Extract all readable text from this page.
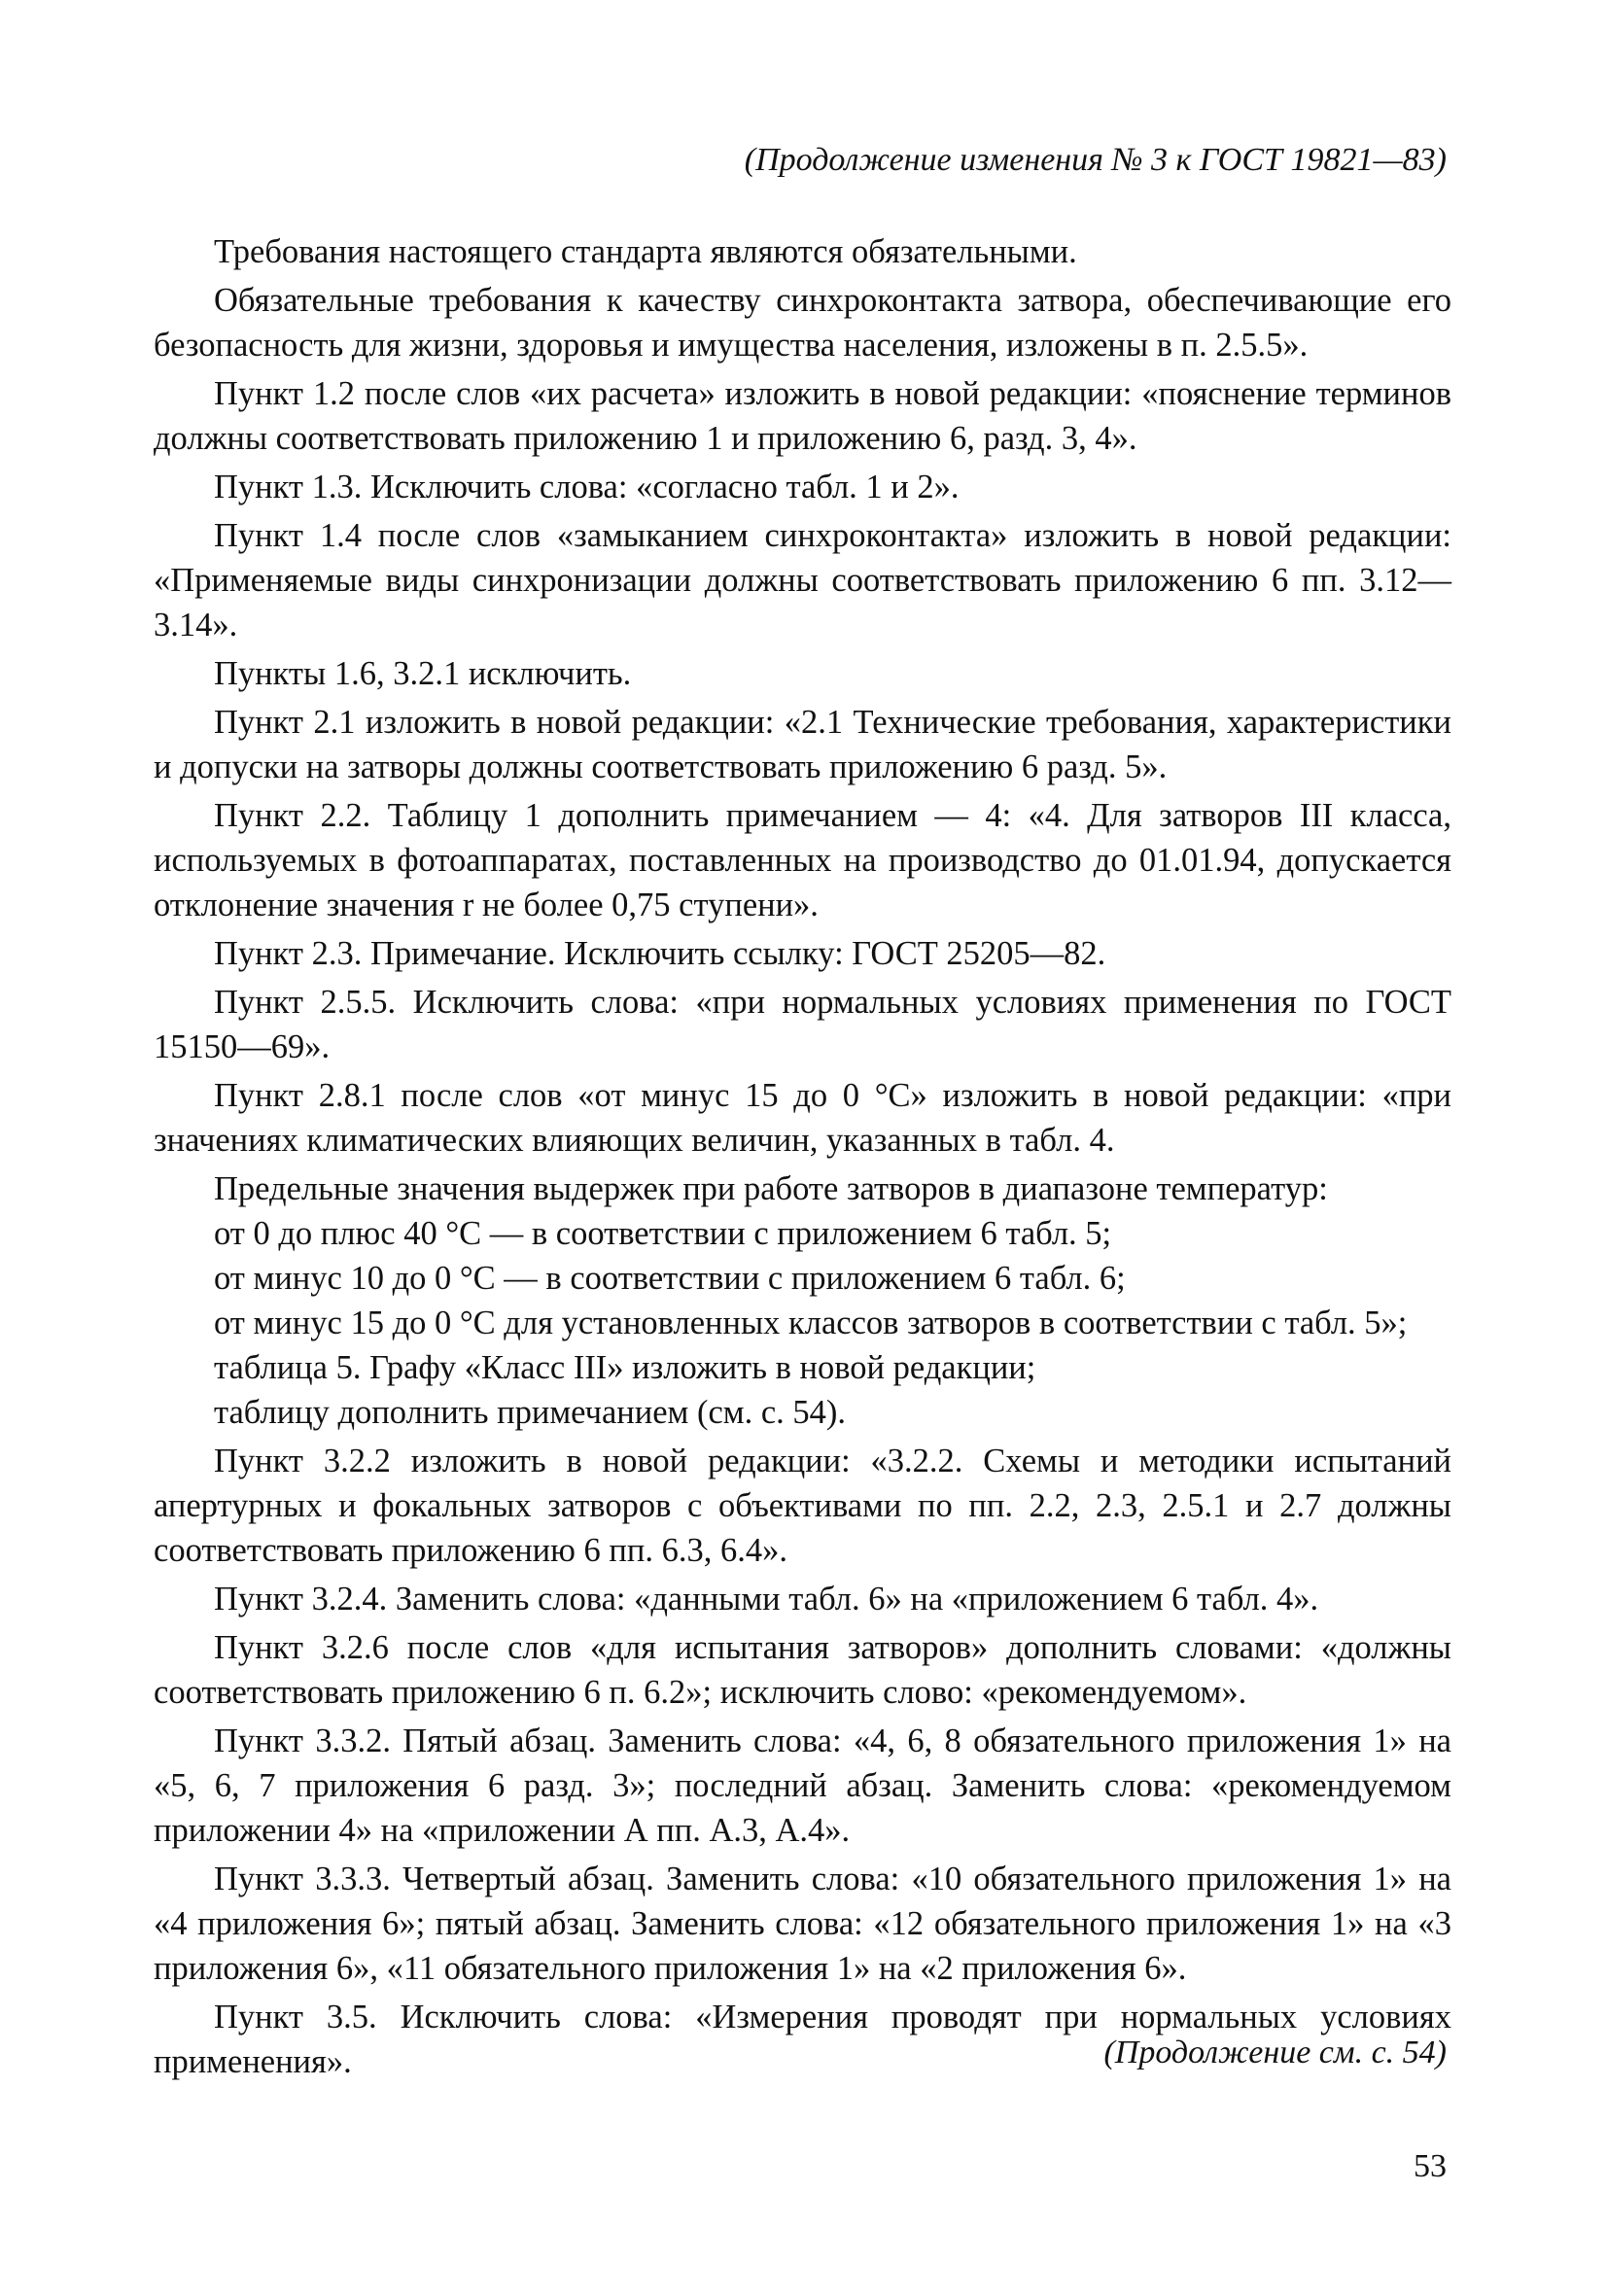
(Продолжение изменения № 3 к ГОСТ 19821—83)

Требования настоящего стандарта являются обязательными.

Обязательные требования к качеству синхроконтакта затвора, обеспечивающие его безопасность для жизни, здоровья и имущества населения, изложены в п. 2.5.5».

Пункт 1.2 после слов «их расчета» изложить в новой редакции: «пояснение терминов должны соответствовать приложению 1 и приложению 6, разд. 3, 4».

Пункт 1.3. Исключить слова: «согласно табл. 1 и 2».

Пункт 1.4 после слов «замыканием синхроконтакта» изложить в новой редакции: «Применяемые виды синхронизации должны соответствовать приложению 6 пп. 3.12—3.14».

Пункты 1.6, 3.2.1 исключить.

Пункт 2.1 изложить в новой редакции: «2.1 Технические требования, характеристики и допуски на затворы должны соответствовать приложению 6 разд. 5».

Пункт 2.2. Таблицу 1 дополнить примечанием — 4: «4. Для затворов III класса, используемых в фотоаппаратах, поставленных на производство до 01.01.94, допускается отклонение значения r не более 0,75 ступени».

Пункт 2.3. Примечание. Исключить ссылку: ГОСТ 25205—82.

Пункт 2.5.5. Исключить слова: «при нормальных условиях применения по ГОСТ 15150—69».

Пункт 2.8.1 после слов «от минус 15 до 0 °С» изложить в новой редакции: «при значениях климатических влияющих величин, указанных в табл. 4.

Предельные значения выдержек при работе затворов в диапазоне температур:

от 0 до плюс 40 °С — в соответствии с приложением 6 табл. 5;

от минус 10 до 0 °С — в соответствии с приложением 6 табл. 6;

от минус 15 до 0 °С для установленных классов затворов в соответствии с табл. 5»;

таблица 5. Графу «Класс III» изложить в новой редакции;

таблицу дополнить примечанием (см. с. 54).

Пункт 3.2.2 изложить в новой редакции: «3.2.2. Схемы и методики испытаний апертурных и фокальных затворов с объективами по пп. 2.2, 2.3, 2.5.1 и 2.7 должны соответствовать приложению 6 пп. 6.3, 6.4».

Пункт 3.2.4. Заменить слова: «данными табл. 6» на «приложением 6 табл. 4».

Пункт 3.2.6 после слов «для испытания затворов» дополнить словами: «должны соответствовать приложению 6 п. 6.2»; исключить слово: «рекомендуемом».

Пункт 3.3.2. Пятый абзац. Заменить слова: «4, 6, 8 обязательного приложения 1» на «5, 6, 7 приложения 6 разд. 3»; последний абзац. Заменить слова: «рекомендуемом приложении 4» на «приложении А пп. А.3, А.4».

Пункт 3.3.3. Четвертый абзац. Заменить слова: «10 обязательного приложения 1» на «4 приложения 6»; пятый абзац. Заменить слова: «12 обязательного приложения 1» на «3 приложения 6», «11 обязательного приложения 1» на «2 приложения 6».

Пункт 3.5. Исключить слова: «Измерения проводят при нормальных условиях применения».	(Продолжение см. с. 54)
53
